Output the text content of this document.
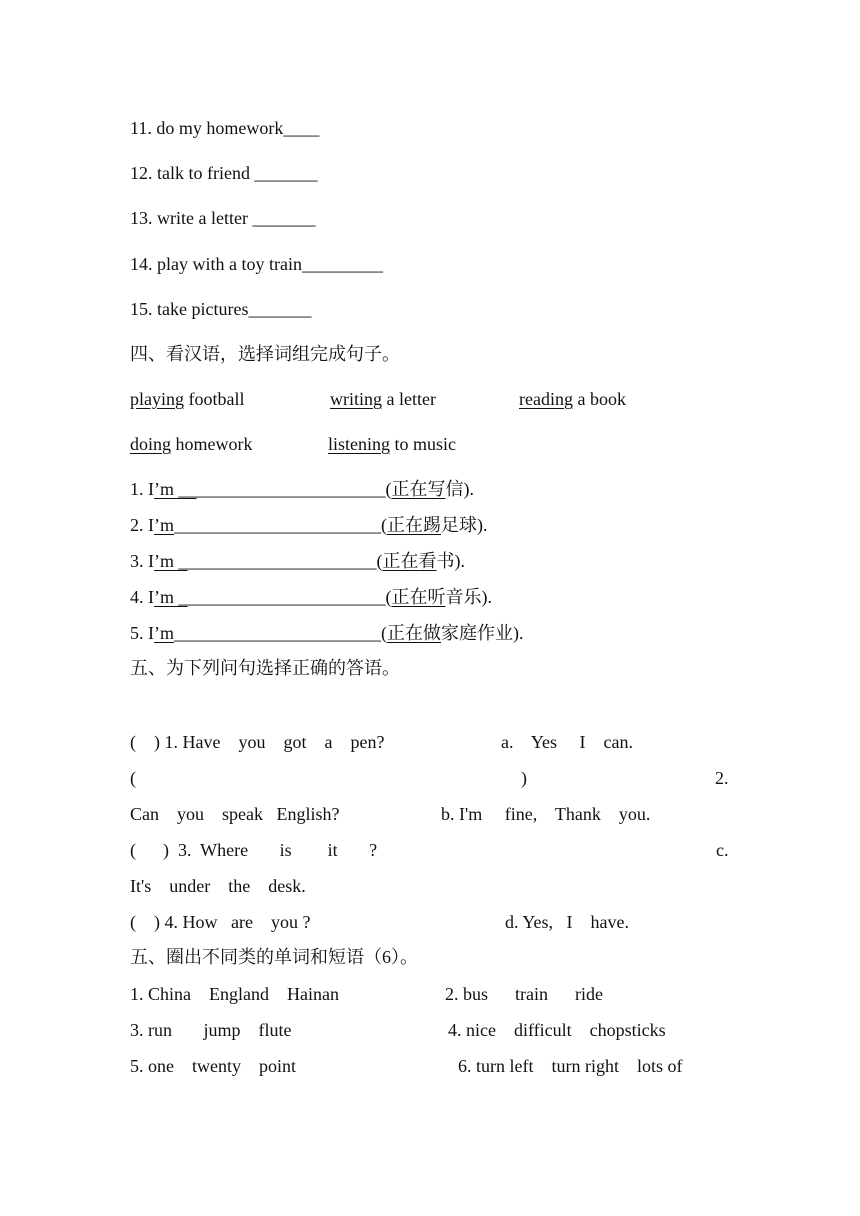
11. do my homework____
12. talk to friend _______
13. write a letter _______
14. play with a toy train_________
15. take pictures_______
四、看汉语，选择词组完成句子。
playing football	writing a letter	reading a book
doing homework	listening to music
1. I’m _______________________(正在写信).
2. I’m_______________________(正在踢足球).
3. I’m ______________________(正在看书).
4. I’m _______________________(正在听音乐).
5. I’m_______________________(正在做家庭作业).
五、为下列问句选择正确的答语。
(    ) 1. Have    you    got    a    pen?	a.    Yes     I    can.
(	)	2.
Can    you    speak   English?	b. I'm     fine,    Thank    you.
(      )  3.  Where       is        it       ?	c.
It's    under    the    desk.
(    ) 4. How   are    you ?	d. Yes,   I    have.
五、圈出不同类的单词和短语（6）。
1. China    England    Hainan	2. bus      train      ride
3. run       jump    flute	4. nice    difficult    chopsticks
5. one    twenty    point	6. turn left    turn right    lots of
